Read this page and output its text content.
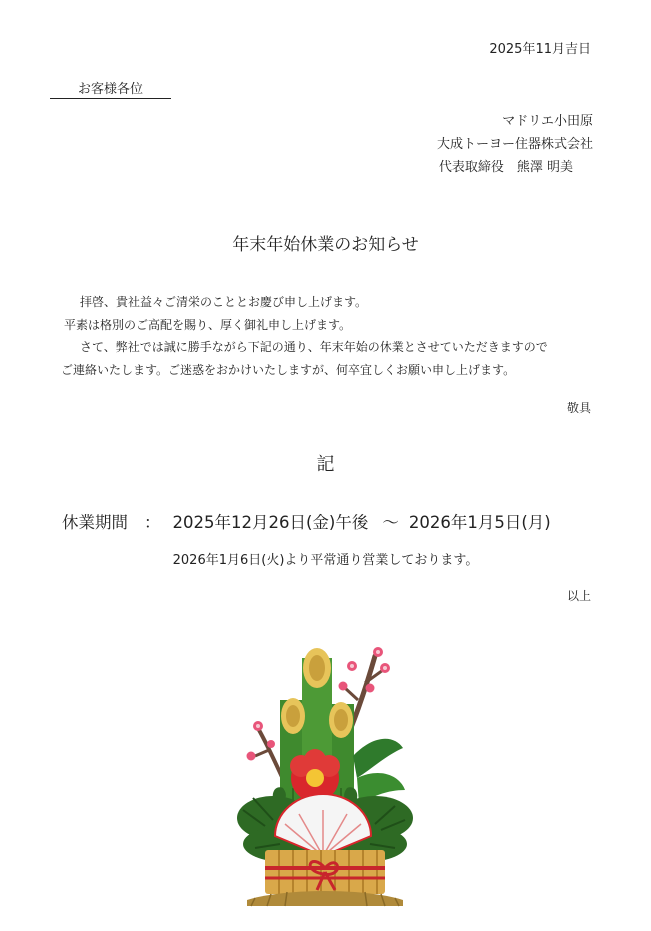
2025年11月吉日
お客様各位
マドリエ小田原
大成トーヨー住器株式会社
代表取締役　熊澤 明美
年末年始休業のお知らせ
拝啓、貴社益々ご清栄のこととお慶び申し上げます。
平素は格別のご高配を賜り、厚く御礼申し上げます。
さて、弊社では誠に勝手ながら下記の通り、年末年始の休業とさせていただきますので
ご連絡いたします。ご迷惑をおかけいたしますが、何卒宜しくお願い申し上げます。
敬具
記
休業期間 ： 2025年12月26日(金)午後 ～ 2026年1月5日(月)
2026年1月6日(火)より平常通り営業しております。
以上
